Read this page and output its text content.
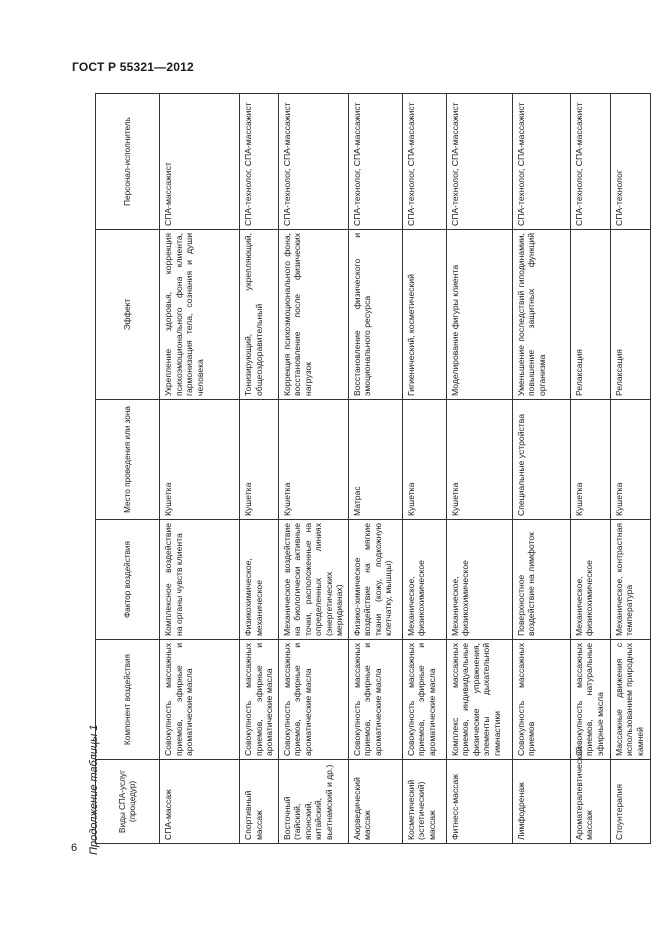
ГОСТ Р 55321—2012
6 Продолжение таблицы 1 Виды СПА-услуг (процедур)	Компонент воздействия	Фактор воздействия	Место проведения или зона	Эффект	Персонал-исполнитель
СПА-массаж	Совокупность массажных приемов, эфирные и ароматические масла	Комплексное воздействие на органы чувств клиента	Кушетка	Укрепление здоровья, коррекция психоэмоционального фона клиента, гармонизация тела, сознания и души человека	СПА-массажист
Спортивный массаж	Совокупность массажных приемов, эфирные и ароматические масла	Физикохимическое, механическое	Кушетка	Тонизирующий, укрепляющий, общеоздоравительный	СПА-технолог, СПА-массажист
Восточный (тайский, японский, китайский, вьетнамский и др.)	Совокупность массажных приемов, эфирные и ароматические масла	Механическое воздействие на биологически активные точки, расположенные на определенных линиях (энергетических меридианах)	Кушетка	Коррекция психоэмоционального фона, восстановление после физических нагрузок	СПА-технолог, СПА-массажист
Аюрведический массаж	Совокупность массажных приемов, эфирные и ароматические масла	Физико-химическое воздействие на мягкие ткани (кожу, подкожную клетчатку, мышцы)	Матрас	Восстановление физического и эмоционального ресурса	СПА-технолог, СПА-массажист
Косметический (эстетический) массаж	Совокупность массажных приемов, эфирные и ароматические масла	Механическое, физикохимическое	Кушетка	Гигиенический, косметический	СПА-технолог, СПА-массажист
Фитнесс-массаж	Комплекс массажных приемов, индивидуальные физические упражнения, элементы дыхательной гимнастики	Механическое, физикохимическое	Кушетка	Моделирование фигуры клиента	СПА-технолог, СПА-массажист
Лимфодренаж	Совокупность массажных приемов	Поверхностное воздействие на лимфоток	Специальные устройства	Уменьшение последствий гиподинамии, повышение защитных функций организма	СПА-технолог, СПА-массажист
Ароматерапевтический массаж	Совокупность массажных приемов, натуральные эфирные масла	Механическое, физикохимическое	Кушетка	Релаксация	СПА-технолог, СПА-массажист
Стоунтерапия	Массажные движения с использованием природных камней	Механическое, контрастная температура	Кушетка	Релаксация	СПА-технолог
